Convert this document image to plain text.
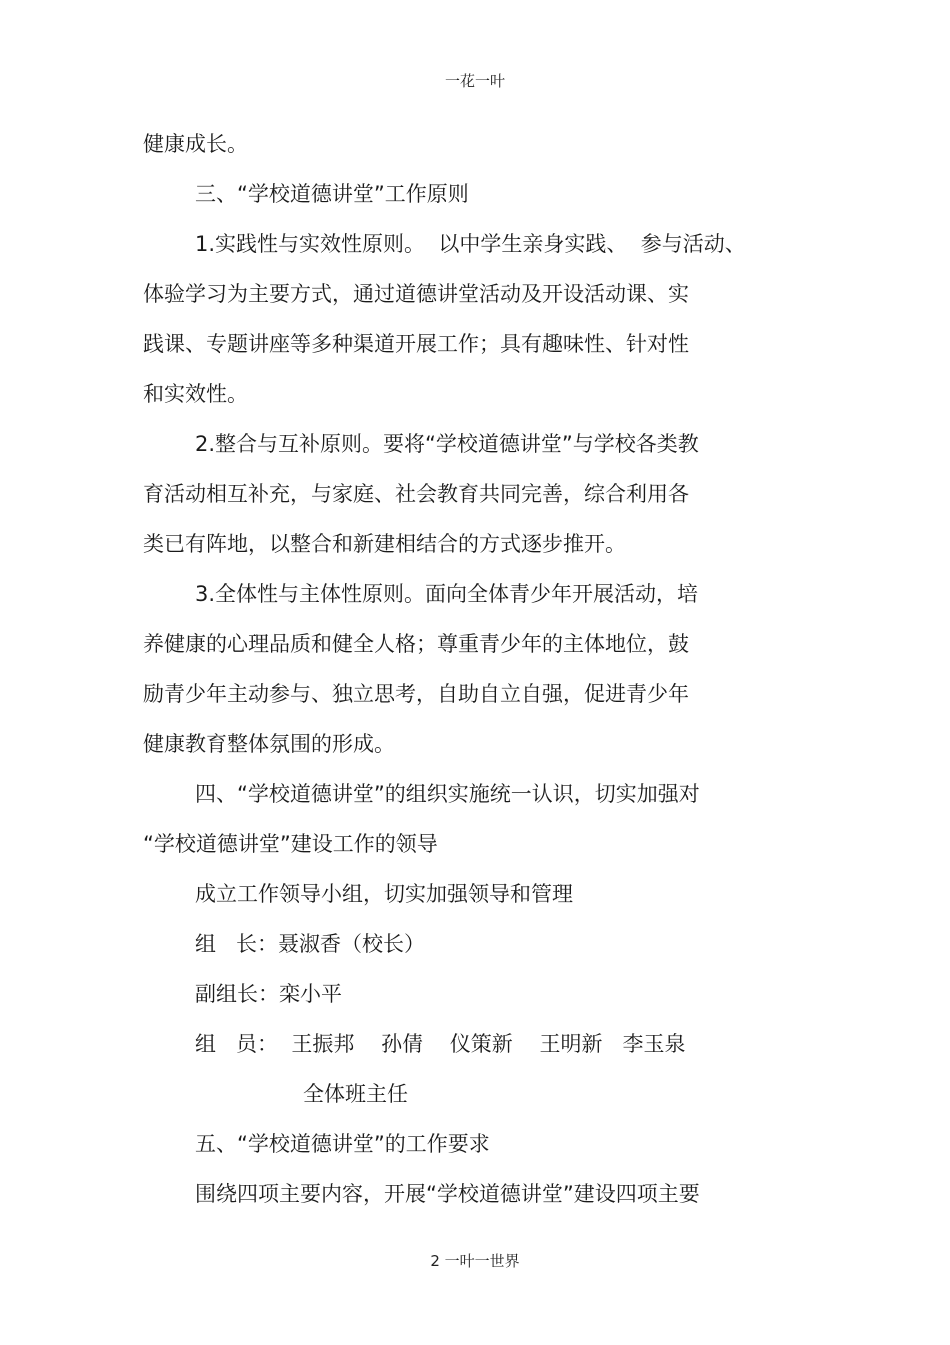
一花一叶
健康成长。
三、“学校道德讲堂”工作原则
1.实践性与实效性原则。  以中学生亲身实践、  参与活动、
体验学习为主要方式，通过道德讲堂活动及开设活动课、实
践课、专题讲座等多种渠道开展工作；具有趣味性、针对性
和实效性。
2.整合与互补原则。要将“学校道德讲堂”与学校各类教
育活动相互补充，与家庭、社会教育共同完善，综合利用各
类已有阵地，以整合和新建相结合的方式逐步推开。
3.全体性与主体性原则。面向全体青少年开展活动，培
养健康的心理品质和健全人格；尊重青少年的主体地位，鼓
励青少年主动参与、独立思考，自助自立自强，促进青少年
健康教育整体氛围的形成。
四、“学校道德讲堂”的组织实施统一认识，切实加强对
“学校道德讲堂”建设工作的领导
成立工作领导小组，切实加强领导和管理
组   长：聂淑香（校长）
副组长：栾小平
组   员：  王振邦    孙倩    仪策新    王明新   李玉泉
全体班主任
五、“学校道德讲堂”的工作要求
围绕四项主要内容，开展“学校道德讲堂”建设四项主要
2 一叶一世界
